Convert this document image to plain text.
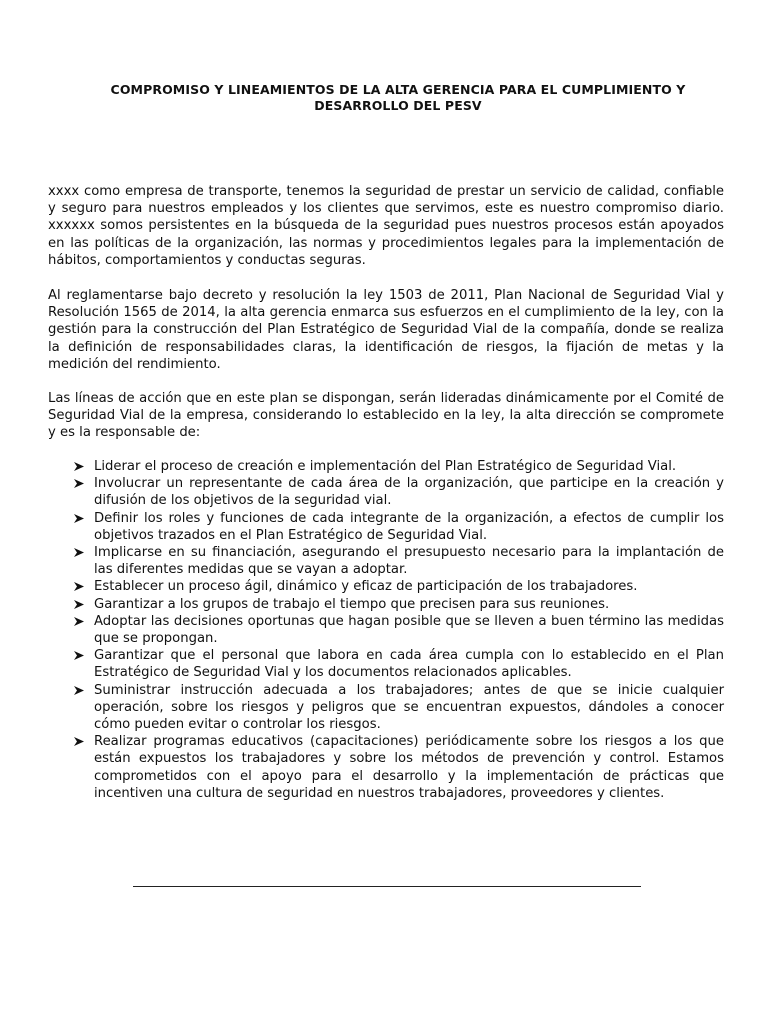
COMPROMISO Y LINEAMIENTOS DE LA ALTA GERENCIA PARA EL CUMPLIMIENTO Y
DESARROLLO DEL PESV

xxxx como empresa de transporte, tenemos la seguridad de prestar un servicio de calidad, confiable y seguro para nuestros empleados y los clientes que servimos, este es nuestro compromiso diario. xxxxxx somos persistentes en la búsqueda de la seguridad pues nuestros procesos están apoyados en las políticas de la organización, las normas y procedimientos legales para la implementación de hábitos, comportamientos y conductas seguras.

Al reglamentarse bajo decreto y resolución la ley 1503 de 2011, Plan Nacional de Seguridad Vial y Resolución 1565 de 2014, la alta gerencia enmarca sus esfuerzos en el cumplimiento de la ley, con la gestión para la construcción del Plan Estratégico de Seguridad Vial de la compañía, donde se realiza la definición de responsabilidades claras, la identificación de riesgos, la fijación de metas y la medición del rendimiento.

Las líneas de acción que en este plan se dispongan, serán lideradas dinámicamente por el Comité de Seguridad Vial de la empresa, considerando lo establecido en la ley, la alta dirección se compromete y es la responsable de:

Liderar el proceso de creación e implementación del Plan Estratégico de Seguridad Vial.
Involucrar un representante de cada área de la organización, que participe en la creación y difusión de los objetivos de la seguridad vial.
Definir los roles y funciones de cada integrante de la organización, a efectos de cumplir los objetivos trazados en el Plan Estratégico de Seguridad Vial.
Implicarse en su financiación, asegurando el presupuesto necesario para la implantación de las diferentes medidas que se vayan a adoptar.
Establecer un proceso ágil, dinámico y eficaz de participación de los trabajadores.
Garantizar a los grupos de trabajo el tiempo que precisen para sus reuniones.
Adoptar las decisiones oportunas que hagan posible que se lleven a buen término las medidas que se propongan.
Garantizar que el personal que labora en cada área cumpla con lo establecido en el Plan Estratégico de Seguridad Vial y los documentos relacionados aplicables.
Suministrar instrucción adecuada a los trabajadores; antes de que se inicie cualquier operación, sobre los riesgos y peligros que se encuentran expuestos, dándoles a conocer cómo pueden evitar o controlar los riesgos.
Realizar programas educativos (capacitaciones) periódicamente sobre los riesgos a los que están expuestos los trabajadores y sobre los métodos de prevención y control. Estamos comprometidos con el apoyo para el desarrollo y la implementación de prácticas que incentiven una cultura de seguridad en nuestros trabajadores, proveedores y clientes.
